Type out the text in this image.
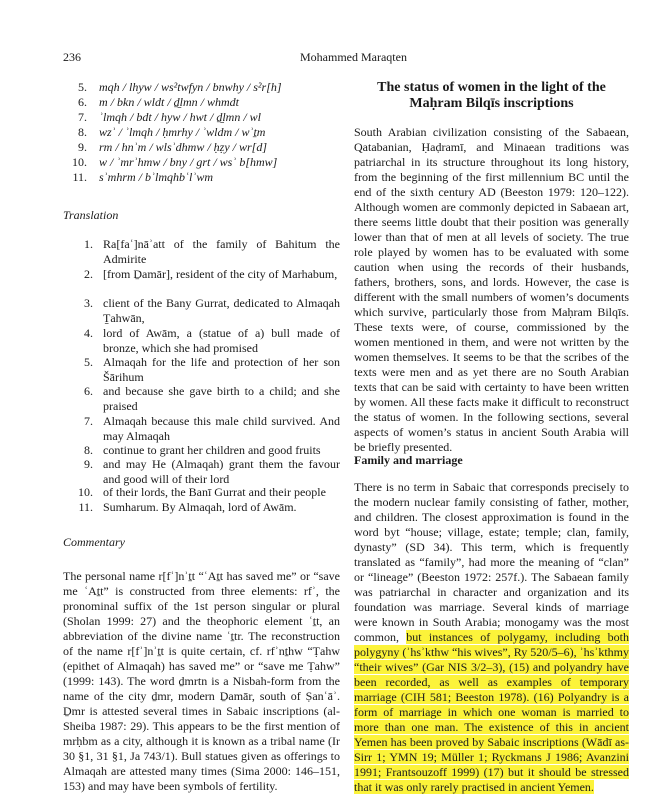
236	Mohammed Maraqten
5. mqh / lhyw / ws²twfyn / bnwhy / s²r[h]
6. m / bkn / wldt / ḏ̱lmn / whmdt
7. ʾlmqh / bdt / hyw / hwt / ḏ̱lmn / wl
8. wzʾ / ʾlmqh / ḥmrhy / ʾwldm / wʾṯm
9. rm / hnʾm / wlsʾdhmw / ḥẓy / wr[d]
10. w / ʾmrʾhmw / bny / grt / wsʾ b[hmw]
11. sʾmhrm / bʾlmqhbʿlʾwm
Translation
1. Ra[faʿ]nāʾatt of the family of Bahitum the Admirite
2. [from Ḏamār], resident of the city of Marhabum,
3. client of the Bany Gurrat, dedicated to Almaqah Ṯahwān,
4. lord of Awām, a (statue of a) bull made of bronze, which she had promised
5. Almaqah for the life and protection of her son Šārihum
6. and because she gave birth to a child; and she praised
7. Almaqah because this male child survived. And may Almaqah
8. continue to grant her children and good fruits
9. and may He (Almaqah) grant them the favour and good will of their lord
10. of their lords, the Banī Gurrat and their people
11. Sumharum. By Almaqah, lord of Awām.
Commentary
The personal name r[fʿ]nʾṯt “ʿAṯt has saved me” or “save me ʿAṯt” is constructed from three elements: rfʾ, the pronominal suffix of the 1st person singular or plural (Sholan 1999: 27) and the theophoric element ʿṯt, an abbreviation of the divine name ʿṯtr. The reconstruction of the name r[fʾ]nʾṯt is quite certain, cf. rfʾnṯhw “Ṭahw (epithet of Almaqah) has saved me” or “save me Ṭahw” (1999: 143). The word ḏmrtn is a Nisbah-form from the name of the city ḏmr, modern Ḏamār, south of Ṣanʿāʾ. Ḏmr is attested several times in Sabaic inscriptions (al-Sheiba 1987: 29). This appears to be the first mention of mrḥbm as a city, although it is known as a tribal name (Ir 30 §1, 31 §1, Ja 743/1). Bull statues given as offerings to Almaqah are attested many times (Sima 2000: 146–151, 153) and may have been symbols of fertility.
The status of women in the light of the Maḥram Bilqīs inscriptions
South Arabian civilization consisting of the Sabaean, Qatabanian, Ḥaḍramī, and Minaean traditions was patriarchal in its structure throughout its long history, from the beginning of the first millennium BC until the end of the sixth century AD (Beeston 1979: 120–122). Although women are commonly depicted in Sabaean art, there seems little doubt that their position was generally lower than that of men at all levels of society. The true role played by women has to be evaluated with some caution when using the records of their husbands, fathers, brothers, sons, and lords. However, the case is different with the small numbers of women’s documents which survive, particularly those from Maḥram Bilqīs. These texts were, of course, commissioned by the women mentioned in them, and were not written by the women themselves. It seems to be that the scribes of the texts were men and as yet there are no South Arabian texts that can be said with certainty to have been written by women. All these facts make it difficult to reconstruct the status of women. In the following sections, several aspects of women’s status in ancient South Arabia will be briefly presented.
Family and marriage
There is no term in Sabaic that corresponds precisely to the modern nuclear family consisting of father, mother, and children. The closest approximation is found in the word byt “house; village, estate; temple; clan, family, dynasty” (SD 34). This term, which is frequently translated as “family”, had more the meaning of “clan” or “lineage” (Beeston 1972: 257f.). The Sabaean family was patriarchal in character and organization and its foundation was marriage. Several kinds of marriage were known in South Arabia; monogamy was the most common, but instances of polygamy, including both polygyny (ʾhsʾkthw “his wives”, Ry 520/5–6), ʾhsʾkthmy “their wives” (Gar NIS 3/2–3), (15) and polyandry have been recorded, as well as examples of temporary marriage (CIH 581; Beeston 1978). (16) Polyandry is a form of marriage in which one woman is married to more than one man. The existence of this in ancient Yemen has been proved by Sabaic inscriptions (Wādī as-Sirr 1; YMN 19; Müller 1; Ryckmans J 1986; Avanzini 1991; Frantsouzoff 1999) (17) but it should be stressed that it was only rarely practised in ancient Yemen.
